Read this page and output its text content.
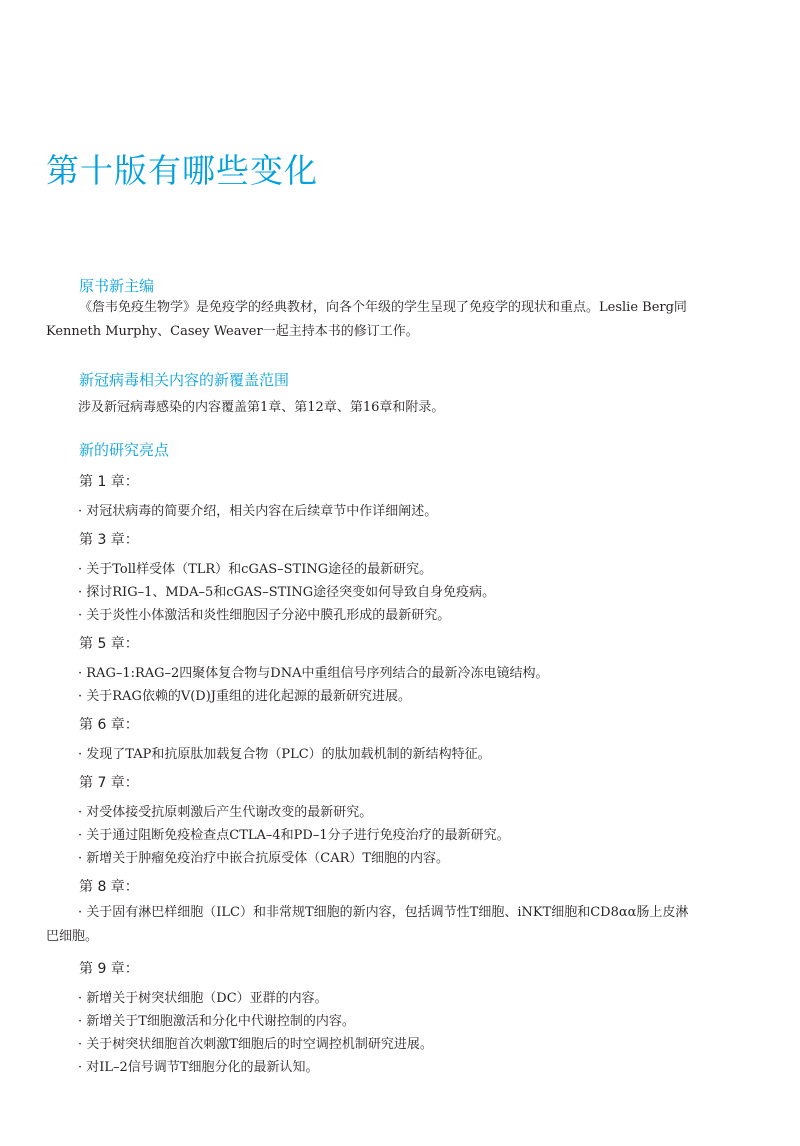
第十版有哪些变化
原书新主编
《詹韦免疫生物学》是免疫学的经典教材，向各个年级的学生呈现了免疫学的现状和重点。Leslie Berg同
Kenneth Murphy、Casey Weaver一起主持本书的修订工作。
新冠病毒相关内容的新覆盖范围
涉及新冠病毒感染的内容覆盖第1章、第12章、第16章和附录。
新的研究亮点
第 1 章：
· 对冠状病毒的简要介绍，相关内容在后续章节中作详细阐述。
第 3 章：
· 关于Toll样受体（TLR）和cGAS–STING途径的最新研究。
· 探讨RIG–1、MDA–5和cGAS–STING途径突变如何导致自身免疫病。
· 关于炎性小体激活和炎性细胞因子分泌中膜孔形成的最新研究。
第 5 章：
· RAG–1:RAG–2四聚体复合物与DNA中重组信号序列结合的最新冷冻电镜结构。
· 关于RAG依赖的V(D)J重组的进化起源的最新研究进展。
第 6 章：
· 发现了TAP和抗原肽加载复合物（PLC）的肽加载机制的新结构特征。
第 7 章：
· 对受体接受抗原刺激后产生代谢改变的最新研究。
· 关于通过阻断免疫检查点CTLA–4和PD–1分子进行免疫治疗的最新研究。
· 新增关于肿瘤免疫治疗中嵌合抗原受体（CAR）T细胞的内容。
第 8 章：
· 关于固有淋巴样细胞（ILC）和非常规T细胞的新内容，包括调节性T细胞、iNKT细胞和CD8αα肠上皮淋
巴细胞。
第 9 章：
· 新增关于树突状细胞（DC）亚群的内容。
· 新增关于T细胞激活和分化中代谢控制的内容。
· 关于树突状细胞首次刺激T细胞后的时空调控机制研究进展。
· 对IL–2信号调节T细胞分化的最新认知。
